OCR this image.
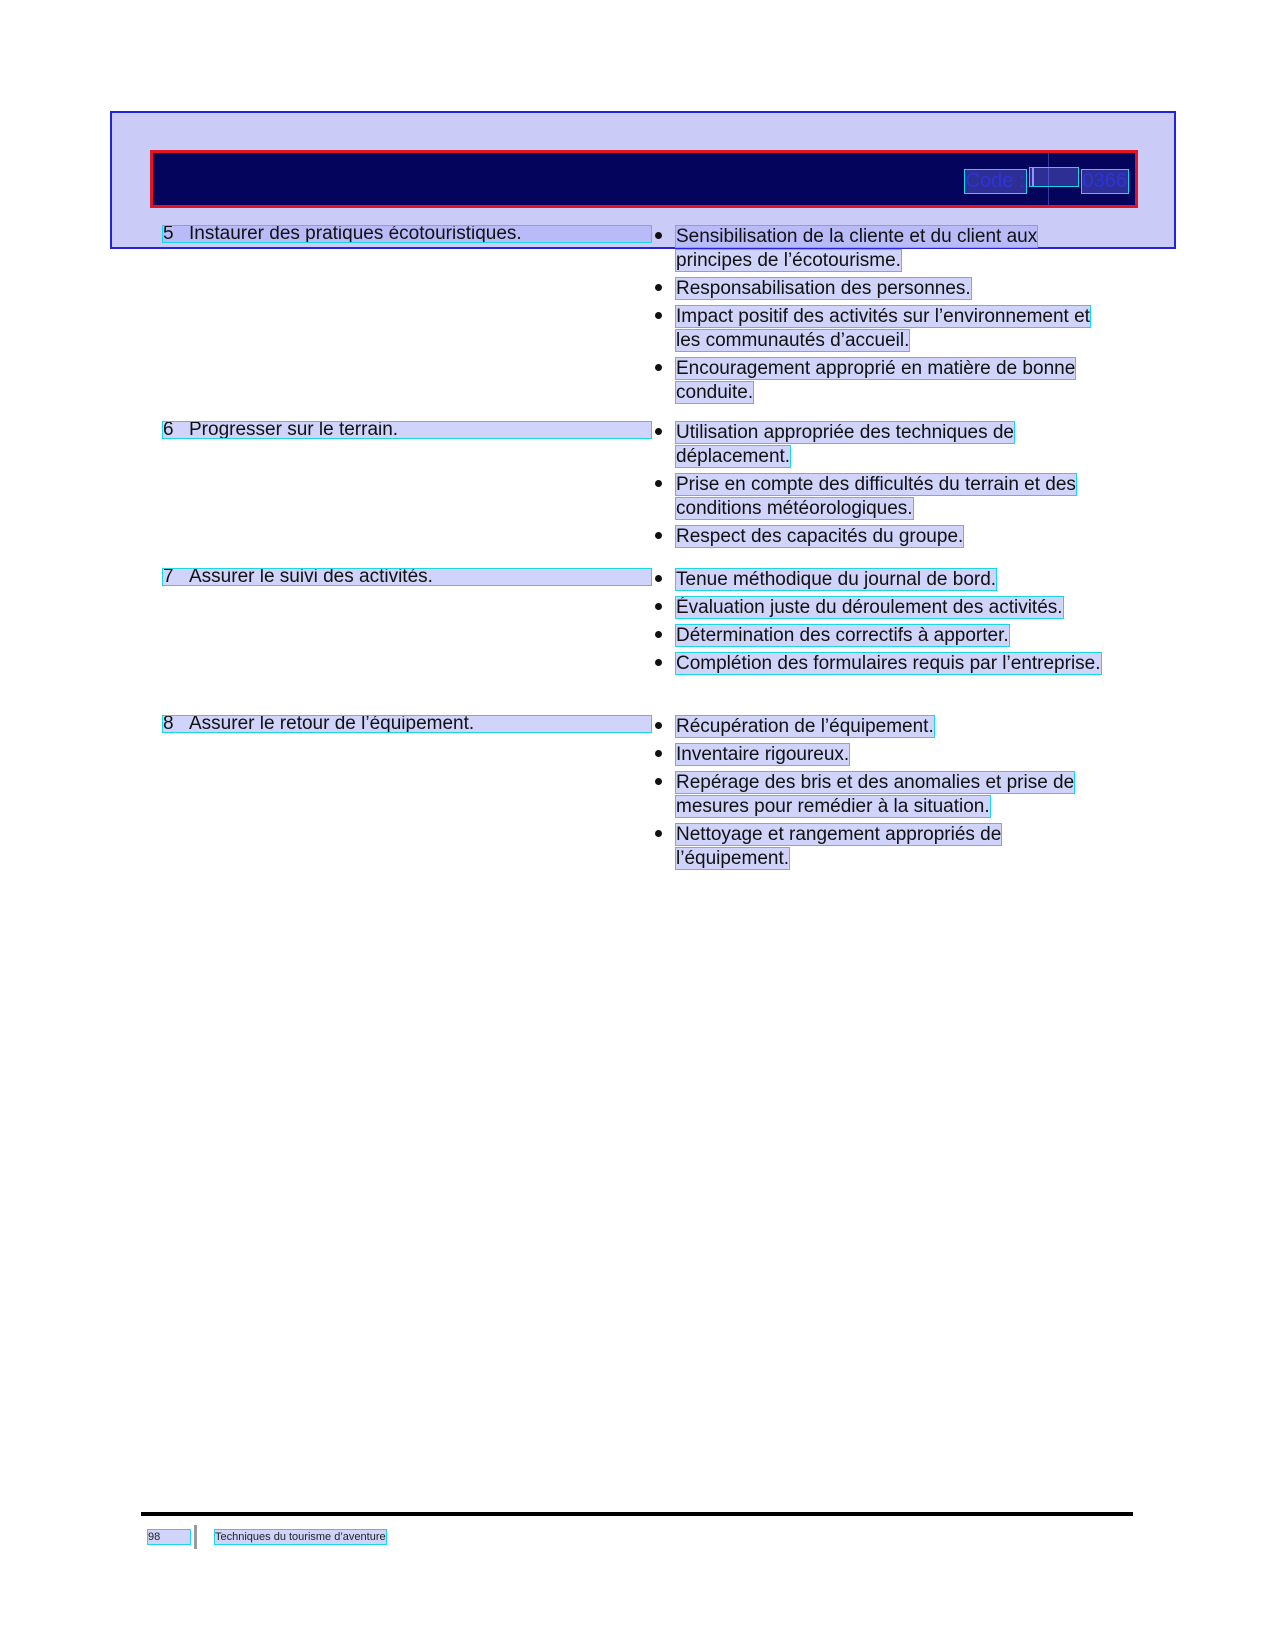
Code :	0366
5 Instaurer des pratiques écotouristiques.	Sensibilisation de la cliente et du client aux principes de l’écotourisme.
Responsabilisation des personnes.
Impact positif des activités sur l’environnement et les communautés d’accueil.
Encouragement approprié en matière de bonne conduite.
6 Progresser sur le terrain.	Utilisation appropriée des techniques de déplacement.
Prise en compte des difficultés du terrain et des conditions météorologiques.
Respect des capacités du groupe.
7 Assurer le suivi des activités.	Tenue méthodique du journal de bord.
Évaluation juste du déroulement des activités.
Détermination des correctifs à apporter.
Complétion des formulaires requis par l’entreprise.
8 Assurer le retour de l’équipement.	Récupération de l’équipement.
Inventaire rigoureux.
Repérage des bris et des anomalies et prise de mesures pour remédier à la situation.
Nettoyage et rangement appropriés de l’équipement.
98	Techniques du tourisme d’aventure
